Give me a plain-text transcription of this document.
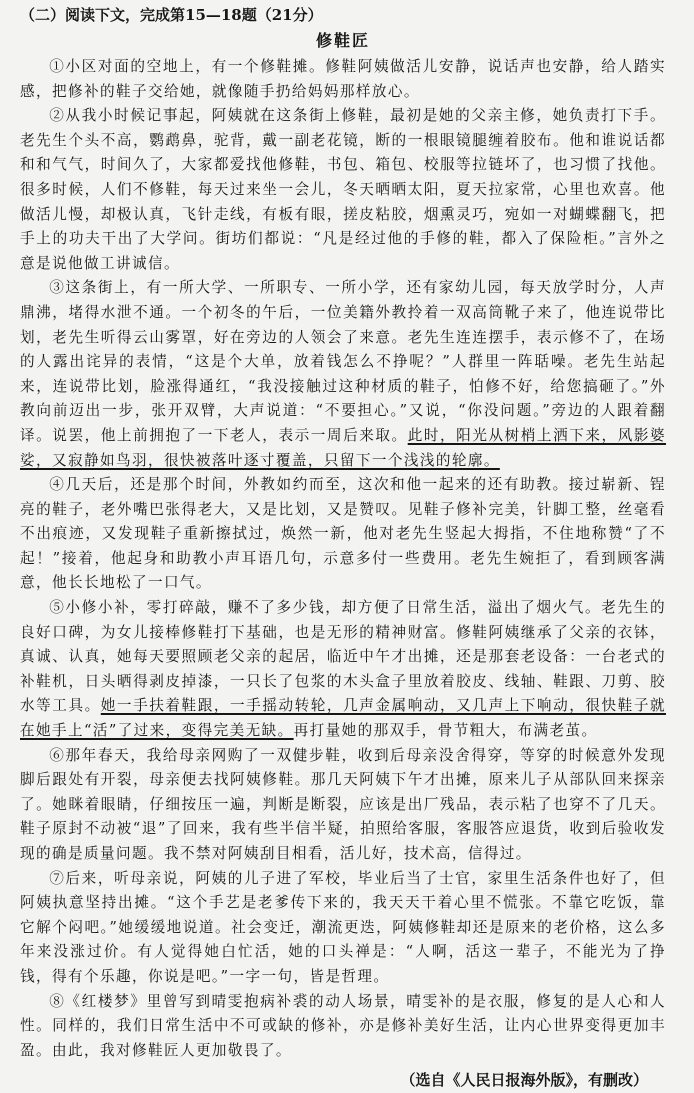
（二）阅读下文，完成第15—18题（21分）
修鞋匠

①小区对面的空地上，有一个修鞋摊。修鞋阿姨做活儿安静，说话声也安静，给人踏实感，把修补的鞋子交给她，就像随手扔给妈妈那样放心。

②从我小时候记事起，阿姨就在这条街上修鞋，最初是她的父亲主修，她负责打下手。老先生个头不高，鹦鹉鼻，驼背，戴一副老花镜，断的一根眼镜腿缠着胶布。他和谁说话都和和气气，时间久了，大家都爱找他修鞋，书包、箱包、校服等拉链坏了，也习惯了找他。很多时候，人们不修鞋，每天过来坐一会儿，冬天晒晒太阳，夏天拉家常，心里也欢喜。他做活儿慢，却极认真，飞针走线，有板有眼，搓皮粘胶，烟熏灵巧，宛如一对蝴蝶翻飞，把手上的功夫干出了大学问。街坊们都说：“凡是经过他的手修的鞋，都入了保险柜。”言外之意是说他做工讲诚信。

③这条街上，有一所大学、一所职专、一所小学，还有家幼儿园，每天放学时分，人声鼎沸，堵得水泄不通。一个初冬的午后，一位美籍外教拎着一双高筒靴子来了，他连说带比划，老先生听得云山雾罩，好在旁边的人领会了来意。老先生连连摆手，表示修不了，在场的人露出诧异的表情，“这是个大单，放着钱怎么不挣呢？”人群里一阵聒噪。老先生站起来，连说带比划，脸涨得通红，“我没接触过这种材质的鞋子，怕修不好，给您搞砸了。”外教向前迈出一步，张开双臂，大声说道：“不要担心。”又说，“你没问题。”旁边的人跟着翻译。说罢，他上前拥抱了一下老人，表示一周后来取。此时，阳光从树梢上洒下来，风影婆娑，又寂静如鸟羽，很快被落叶逐寸覆盖，只留下一个浅浅的轮廓。

④几天后，还是那个时间，外教如约而至，这次和他一起来的还有助教。接过崭新、锃亮的鞋子，老外嘴巴张得老大，又是比划，又是赞叹。见鞋子修补完美，针脚工整，丝毫看不出痕迹，又发现鞋子重新擦拭过，焕然一新，他对老先生竖起大拇指，不住地称赞“了不起！”接着，他起身和助教小声耳语几句，示意多付一些费用。老先生婉拒了，看到顾客满意，他长长地松了一口气。

⑤小修小补，零打碎敲，赚不了多少钱，却方便了日常生活，溢出了烟火气。老先生的良好口碑，为女儿接棒修鞋打下基础，也是无形的精神财富。修鞋阿姨继承了父亲的衣钵，真诚、认真，她每天要照顾老父亲的起居，临近中午才出摊，还是那套老设备：一台老式的补鞋机，日头晒得剥皮掉漆，一只长了包浆的木头盒子里放着胶皮、线轴、鞋跟、刀剪、胶水等工具。她一手扶着鞋跟，一手摇动转轮，几声金属响动，又几声上下响动，很快鞋子就在她手上“活”了过来，变得完美无缺。再打量她的那双手，骨节粗大，布满老茧。

⑥那年春天，我给母亲网购了一双健步鞋，收到后母亲没舍得穿，等穿的时候意外发现脚后跟处有开裂，母亲便去找阿姨修鞋。那几天阿姨下午才出摊，原来儿子从部队回来探亲了。她眯着眼睛，仔细按压一遍，判断是断裂，应该是出厂残品，表示粘了也穿不了几天。鞋子原封不动被“退”了回来，我有些半信半疑，拍照给客服，客服答应退货，收到后验收发现的确是质量问题。我不禁对阿姨刮目相看，活儿好，技术高，信得过。

⑦后来，听母亲说，阿姨的儿子进了军校，毕业后当了士官，家里生活条件也好了，但阿姨执意坚持出摊。“这个手艺是老爹传下来的，我天天干着心里不慌张。不靠它吃饭，靠它解个闷吧。”她缓缓地说道。社会变迁，潮流更迭，阿姨修鞋却还是原来的老价格，这么多年来没涨过价。有人觉得她白忙活，她的口头禅是：“人啊，活这一辈子，不能光为了挣钱，得有个乐趣，你说是吧。”一字一句，皆是哲理。

⑧《红楼梦》里曾写到晴雯抱病补裘的动人场景，晴雯补的是衣服，修复的是人心和人性。同样的，我们日常生活中不可或缺的修补，亦是修补美好生活，让内心世界变得更加丰盈。由此，我对修鞋匠人更加敬畏了。

（选自《人民日报海外版》，有删改）
